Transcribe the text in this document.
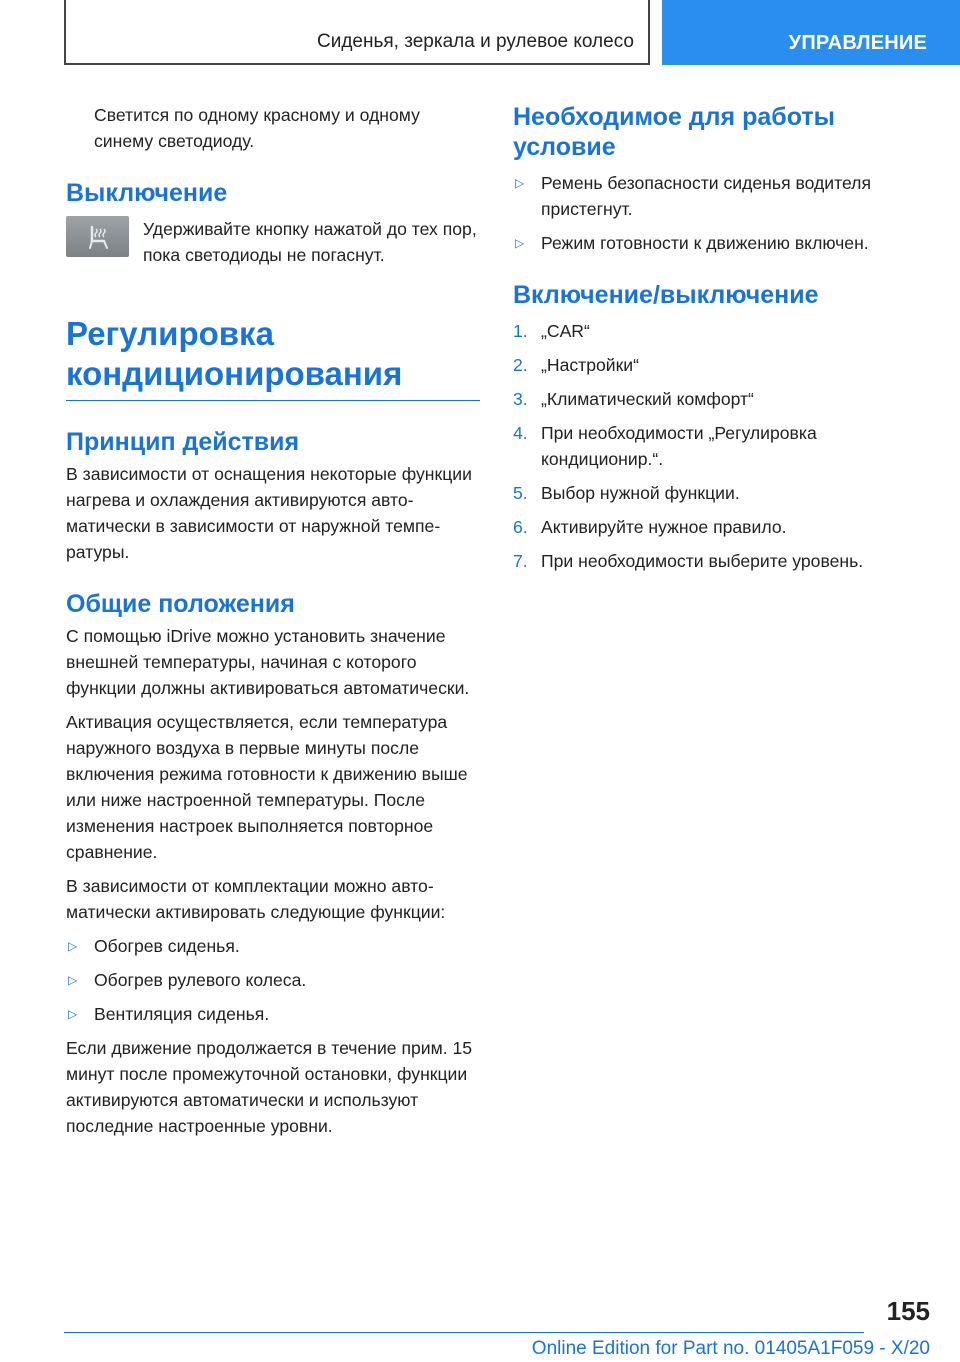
Сиденья, зеркала и рулевое колесо	УПРАВЛЕНИЕ

Светится по одному красному и одному синему светодиоду.

Выключение

Удерживайте кнопку нажатой до тех пор, пока светодиоды не погаснут.

Регулировка кондиционирования
Принцип действия

В зависимости от оснащения некоторые функции нагрева и охлаждения активируются автоматически в зависимости от наружной температуры.

Общие положения

С помощью iDrive можно установить значение внешней температуры, начиная с которого функции должны активироваться автоматически.

Активация осуществляется, если температура наружного воздуха в первые минуты после включения режима готовности к движению выше или ниже настроенной температуры. После изменения настроек выполняется повторное сравнение.

В зависимости от комплектации можно автоматически активировать следующие функции:

▷ Обогрев сиденья.
▷ Обогрев рулевого колеса.
▷ Вентиляция сиденья.

Если движение продолжается в течение прим. 15 минут после промежуточной остановки, функции активируются автоматически и используют последние настроенные уровни.

Необходимое для работы условие
▷ Ремень безопасности сиденья водителя пристегнут.
▷ Режим готовности к движению включен.
Включение/выключение
1. „CAR“
2. „Настройки“
3. „Климатический комфорт“
4. При необходимости „Регулировка кондиционир.“.
5. Выбор нужной функции.
6. Активируйте нужное правило.
7. При необходимости выберите уровень.
155
Online Edition for Part no. 01405A1F059 - X/20
